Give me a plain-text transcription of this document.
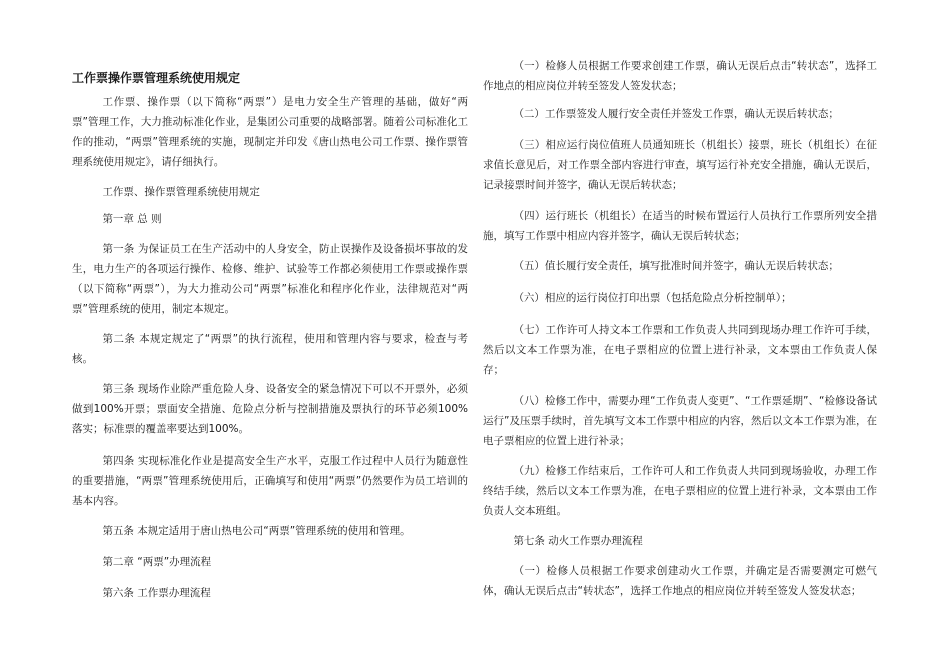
工作票操作票管理系统使用规定

工作票、操作票（以下简称“两票”）是电力安全生产管理的基础，做好“两票”管理工作，大力推动标准化作业，是集团公司重要的战略部署。随着公司标准化工作的推动，“两票”管理系统的实施，现制定并印发《唐山热电公司工作票、操作票管理系统使用规定》，请仔细执行。

工作票、操作票管理系统使用规定

第一章 总 则

第一条 为保证员工在生产活动中的人身安全，防止误操作及设备损坏事故的发生，电力生产的各项运行操作、检修、维护、试验等工作都必须使用工作票或操作票（以下简称“两票”），为大力推动公司“两票”标准化和程序化作业，法律规范对“两票”管理系统的使用，制定本规定。

第二条 本规定规定了“两票”的执行流程，使用和管理内容与要求，检查与考核。

第三条 现场作业除严重危险人身、设备安全的紧急情况下可以不开票外，必须做到100%开票；票面安全措施、危险点分析与控制措施及票执行的环节必须100%落实；标准票的覆盖率要达到100%。

第四条 实现标准化作业是提高安全生产水平，克服工作过程中人员行为随意性的重要措施，“两票”管理系统使用后，正确填写和使用“两票”仍然要作为员工培训的基本内容。

第五条 本规定适用于唐山热电公司“两票”管理系统的使用和管理。

第二章 “两票”办理流程

第六条 工作票办理流程

（一）检修人员根据工作要求创建工作票，确认无误后点击“转状态”，选择工作地点的相应岗位并转至签发人签发状态；

（二）工作票签发人履行安全责任并签发工作票，确认无误后转状态；

（三）相应运行岗位值班人员通知班长（机组长）接票，班长（机组长）在征求值长意见后，对工作票全部内容进行审查，填写运行补充安全措施，确认无误后，记录接票时间并签字，确认无误后转状态；

（四）运行班长（机组长）在适当的时候布置运行人员执行工作票所列安全措施，填写工作票中相应内容并签字，确认无误后转状态；

（五）值长履行安全责任，填写批准时间并签字，确认无误后转状态；

（六）相应的运行岗位打印出票（包括危险点分析控制单）；

（七）工作许可人持文本工作票和工作负责人共同到现场办理工作许可手续，然后以文本工作票为准，在电子票相应的位置上进行补录，文本票由工作负责人保存；

（八）检修工作中，需要办理“工作负责人变更”、“工作票延期”、“检修设备试运行”及压票手续时，首先填写文本工作票中相应的内容，然后以文本工作票为准，在电子票相应的位置上进行补录；

（九）检修工作结束后，工作许可人和工作负责人共同到现场验收，办理工作终结手续，然后以文本工作票为准，在电子票相应的位置上进行补录，文本票由工作负责人交本班组。

第七条 动火工作票办理流程

（一）检修人员根据工作要求创建动火工作票，并确定是否需要测定可燃气体，确认无误后点击“转状态”，选择工作地点的相应岗位并转至签发人签发状态；
